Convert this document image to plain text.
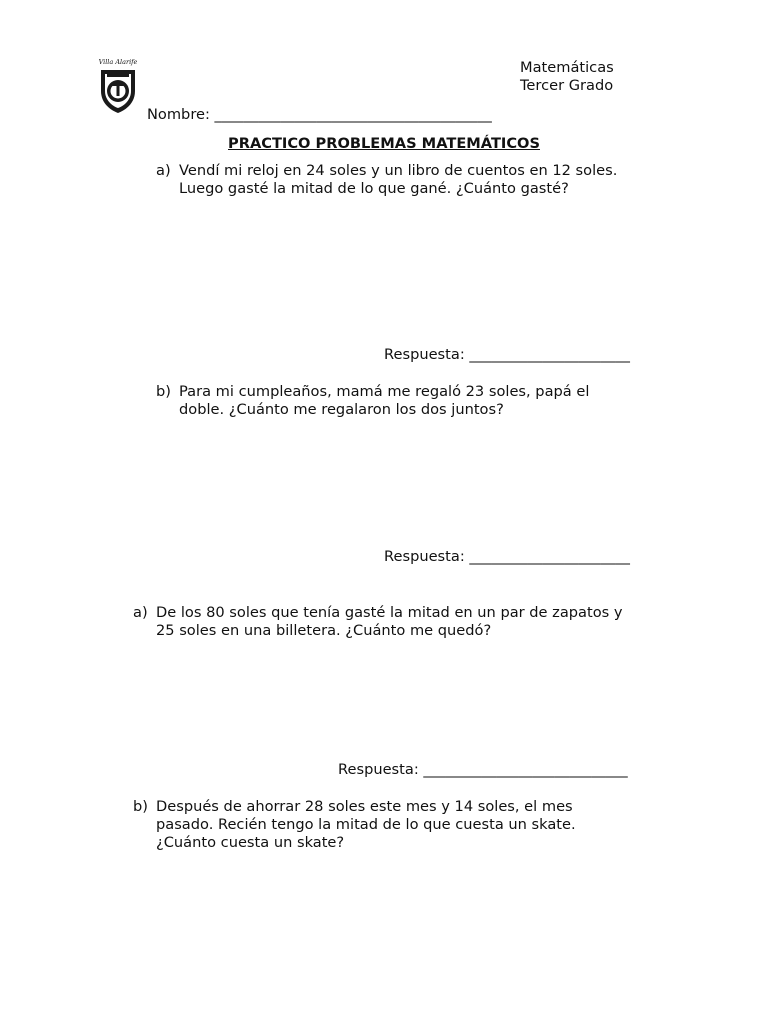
Villa Alarife	Matemáticas
Tercer Grado
Nombre: ______________________________________
PRACTICO PROBLEMAS MATEMÁTICOS
a) Vendí mi reloj en 24 soles y un libro de cuentos en 12 soles.
Luego gasté la mitad de lo que gané. ¿Cuánto gasté?
Respuesta: ______________________
b) Para mi cumpleaños, mamá me regaló 23 soles, papá el
doble. ¿Cuánto me regalaron los dos juntos?
Respuesta: ______________________
a) De los 80 soles que tenía gasté la mitad en un par de zapatos y
25 soles en una billetera. ¿Cuánto me quedó?
Respuesta: ____________________________
b) Después de ahorrar 28 soles este mes y 14 soles, el mes
pasado. Recién tengo la mitad de lo que cuesta un skate.
¿Cuánto cuesta un skate?
